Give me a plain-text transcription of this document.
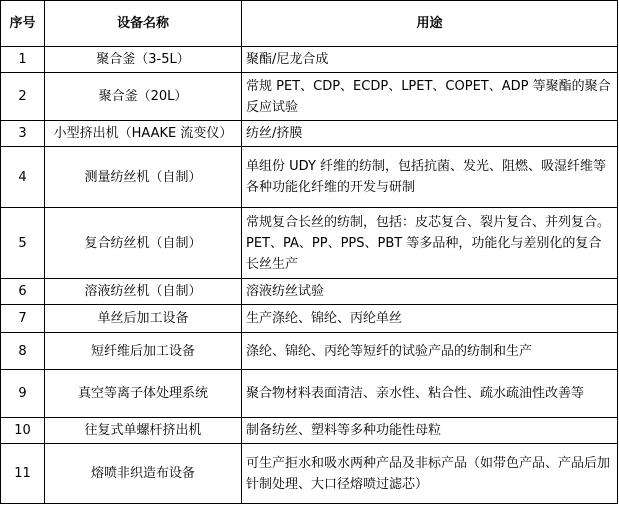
序号	设备名称	用途
1	聚合釜（3-5L）	聚酯/尼龙合成
2	聚合釜（20L）	常规 PET、CDP、ECDP、LPET、COPET、ADP 等聚酯的聚合反应试验
3	小型挤出机（HAAKE 流变仪）	纺丝/挤膜
4	测量纺丝机（自制）	单组份 UDY 纤维的纺制，包括抗菌、发光、阻燃、吸湿纤维等各种功能化纤维的开发与研制
5	复合纺丝机（自制）	常规复合长丝的纺制，包括：皮芯复合、裂片复合、并列复合。PET、PA、PP、PPS、PBT 等多品种，功能化与差别化的复合长丝生产
6	溶液纺丝机（自制）	溶液纺丝试验
7	单丝后加工设备	生产涤纶、锦纶、丙纶单丝
8	短纤维后加工设备	涤纶、锦纶、丙纶等短纤的试验产品的纺制和生产
9	真空等离子体处理系统	聚合物材料表面清洁、亲水性、粘合性、疏水疏油性改善等
10	往复式单螺杆挤出机	制备纺丝、塑料等多种功能性母粒
11	熔喷非织造布设备	可生产拒水和吸水两种产品及非标产品（如带色产品、产品后加针制处理、大口径熔喷过滤芯）
